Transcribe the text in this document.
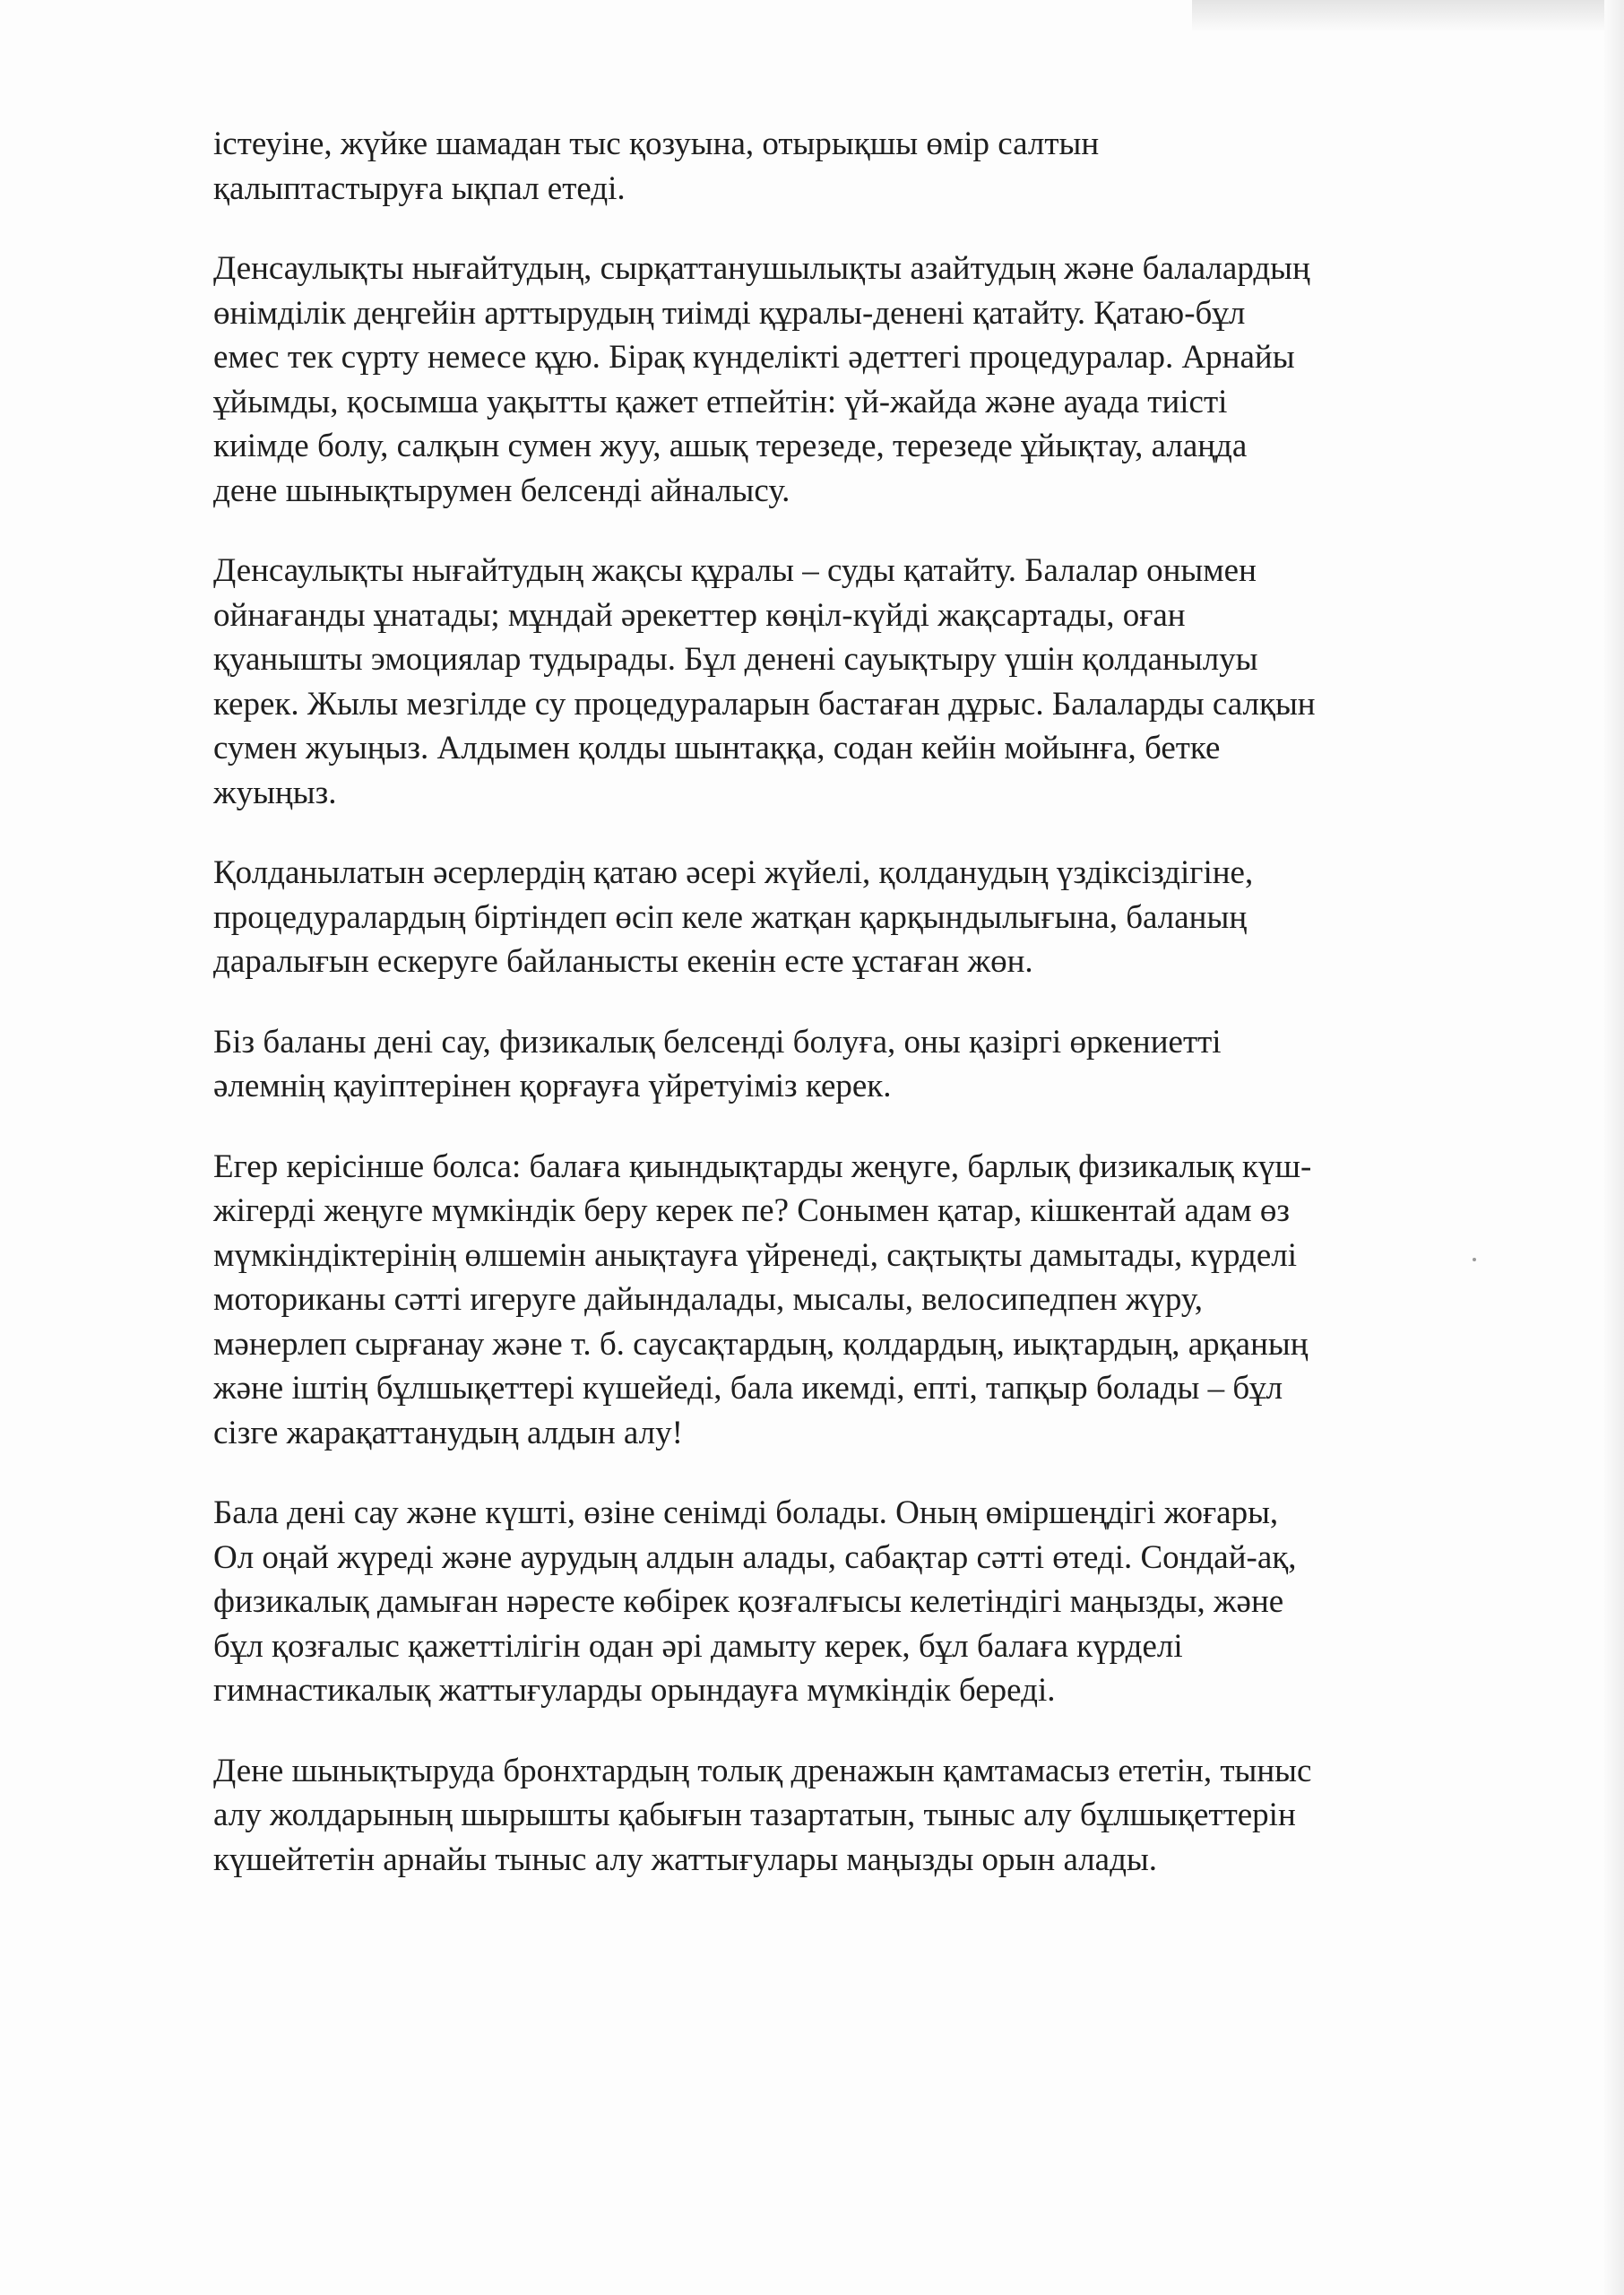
істеуіне, жүйке шамадан тыс қозуына, отырықшы өмір салтын
қалыптастыруға ықпал етеді.

Денсаулықты нығайтудың, сырқаттанушылықты азайтудың және балалардың
өнімділік деңгейін арттырудың тиімді құралы-денені қатайту. Қатаю-бұл
емес тек сүрту немесе құю. Бірақ күнделікті әдеттегі процедуралар. Арнайы
ұйымды, қосымша уақытты қажет етпейтін: үй-жайда және ауада тиісті
киімде болу, салқын сумен жуу, ашық терезеде, терезеде ұйықтау, алаңда
дене шынықтырумен белсенді айналысу.

Денсаулықты нығайтудың жақсы құралы – суды қатайту. Балалар онымен
ойнағанды ұнатады; мұндай әрекеттер көңіл-күйді жақсартады, оған
қуанышты эмоциялар тудырады. Бұл денені сауықтыру үшін қолданылуы
керек. Жылы мезгілде су процедураларын бастаған дұрыс. Балаларды салқын
сумен жуыңыз. Алдымен қолды шынтаққа, содан кейін мойынға, бетке
жуыңыз.

Қолданылатын әсерлердің қатаю әсері жүйелі, қолданудың үздіксіздігіне,
процедуралардың біртіндеп өсіп келе жатқан қарқындылығына, баланың
даралығын ескеруге байланысты екенін есте ұстаған жөн.

Біз баланы дені сау, физикалық белсенді болуға, оны қазіргі өркениетті
әлемнің қауіптерінен қорғауға үйретуіміз керек.

Егер керісінше болса: балаға қиындықтарды жеңуге, барлық физикалық күш-
жігерді жеңуге мүмкіндік беру керек пе? Сонымен қатар, кішкентай адам өз
мүмкіндіктерінің өлшемін анықтауға үйренеді, сақтықты дамытады, күрделі
моториканы сәтті игеруге дайындалады, мысалы, велосипедпен жүру,
мәнерлеп сырғанау және т. б. саусақтардың, қолдардың, иықтардың, арқаның
және іштің бұлшықеттері күшейеді, бала икемді, епті, тапқыр болады – бұл
сізге жарақаттанудың алдын алу!

Бала дені сау және күшті, өзіне сенімді болады. Оның өміршеңдігі жоғары,
Ол оңай жүреді және аурудың алдын алады, сабақтар сәтті өтеді. Сондай-ақ,
физикалық дамыған нәресте көбірек қозғалғысы келетіндігі маңызды, және
бұл қозғалыс қажеттілігін одан әрі дамыту керек, бұл балаға күрделі
гимнастикалық жаттығуларды орындауға мүмкіндік береді.

Дене шынықтыруда бронхтардың толық дренажын қамтамасыз ететін, тыныс
алу жолдарының шырышты қабығын тазартатын, тыныс алу бұлшықеттерін
күшейтетін арнайы тыныс алу жаттығулары маңызды орын алады.
